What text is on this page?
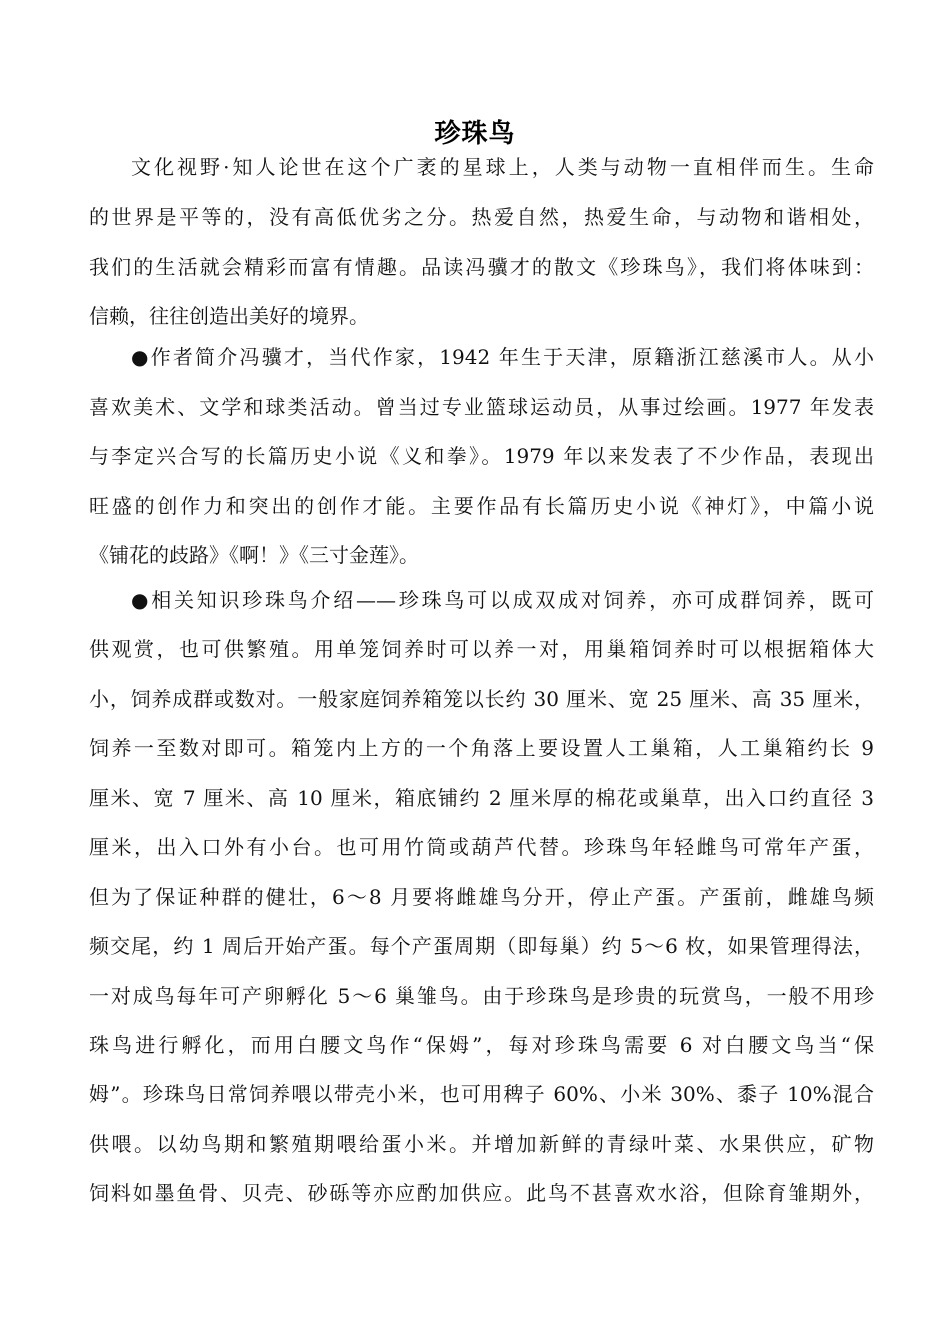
珍珠鸟
文化视野·知人论世在这个广袤的星球上，人类与动物一直相伴而生。生命
的世界是平等的，没有高低优劣之分。热爱自然，热爱生命，与动物和谐相处，
我们的生活就会精彩而富有情趣。品读冯骥才的散文《珍珠鸟》，我们将体味到：
信赖，往往创造出美好的境界。
●作者简介冯骥才，当代作家，1942 年生于天津，原籍浙江慈溪市人。从小
喜欢美术、文学和球类活动。曾当过专业篮球运动员，从事过绘画。1977 年发表
与李定兴合写的长篇历史小说《义和拳》。1979 年以来发表了不少作品，表现出
旺盛的创作力和突出的创作才能。主要作品有长篇历史小说《神灯》，中篇小说
《铺花的歧路》《啊！》《三寸金莲》。
●相关知识珍珠鸟介绍——珍珠鸟可以成双成对饲养，亦可成群饲养，既可
供观赏，也可供繁殖。用单笼饲养时可以养一对，用巢箱饲养时可以根据箱体大
小，饲养成群或数对。一般家庭饲养箱笼以长约 30 厘米、宽 25 厘米、高 35 厘米，
饲养一至数对即可。箱笼内上方的一个角落上要设置人工巢箱，人工巢箱约长 9
厘米、宽 7 厘米、高 10 厘米，箱底铺约 2 厘米厚的棉花或巢草，出入口约直径 3
厘米，出入口外有小台。也可用竹筒或葫芦代替。珍珠鸟年轻雌鸟可常年产蛋，
但为了保证种群的健壮，6～8 月要将雌雄鸟分开，停止产蛋。产蛋前，雌雄鸟频
频交尾，约 1 周后开始产蛋。每个产蛋周期（即每巢）约 5～6 枚，如果管理得法，
一对成鸟每年可产卵孵化 5～6 巢雏鸟。由于珍珠鸟是珍贵的玩赏鸟，一般不用珍
珠鸟进行孵化，而用白腰文鸟作“保姆”，每对珍珠鸟需要 6 对白腰文鸟当“保
姆”。珍珠鸟日常饲养喂以带壳小米，也可用稗子 60%、小米 30%、黍子 10%混合
供喂。以幼鸟期和繁殖期喂给蛋小米。并增加新鲜的青绿叶菜、水果供应，矿物
饲料如墨鱼骨、贝壳、砂砾等亦应酌加供应。此鸟不甚喜欢水浴，但除育雏期外，
